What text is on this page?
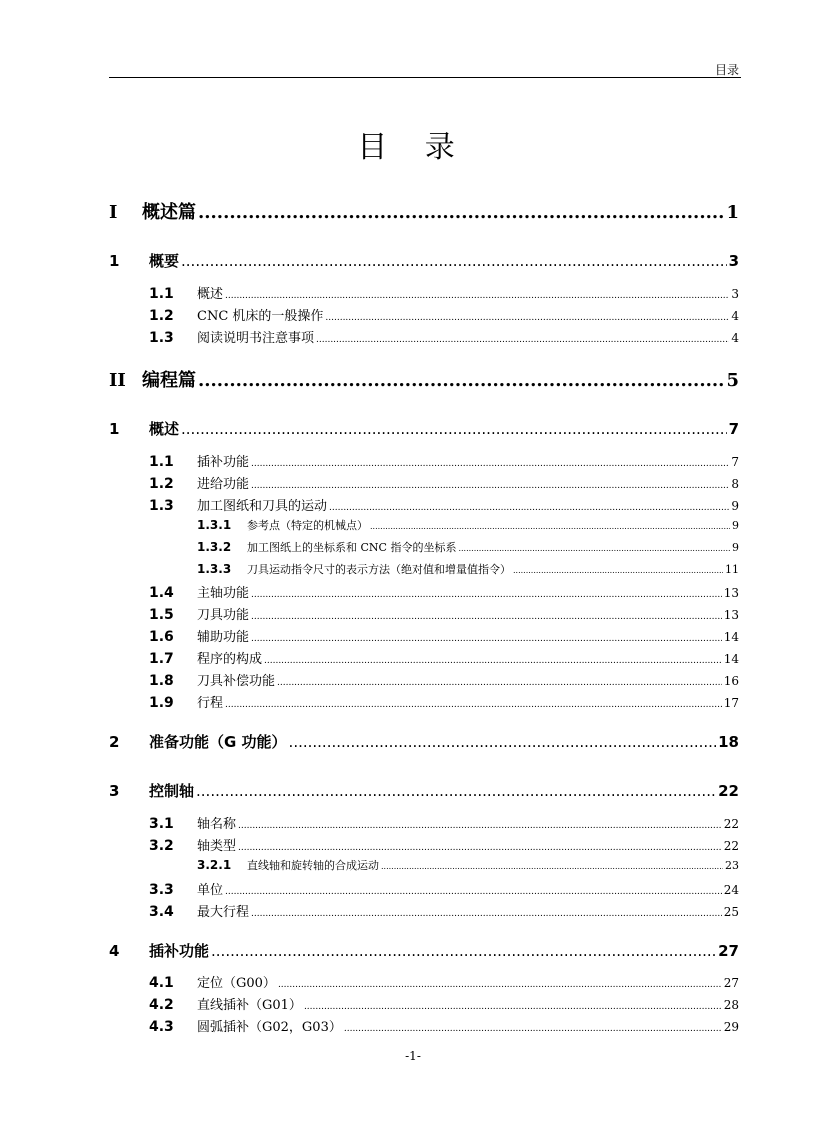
目录
目 录
I	概述篇 .....	1
1	概要 .....	3
1.1	概述 .....	3
1.2	CNC 机床的一般操作 .....	4
1.3	阅读说明书注意事项 .....	4
II 编程篇 .....	5
1	概述 .....	7
1.1	插补功能 .....	7
1.2	进给功能 .....	8
1.3	加工图纸和刀具的运动 .....	9
1.3.1	参考点（特定的机械点） .....	9
1.3.2	加工图纸上的坐标系和 CNC 指令的坐标系 .....	9
1.3.3	刀具运动指令尺寸的表示方法（绝对值和增量值指令） .....	11
1.4	主轴功能 .....	13
1.5	刀具功能 .....	13
1.6	辅助功能 .....	14
1.7	程序的构成 .....	14
1.8	刀具补偿功能 .....	16
1.9	行程 .....	17
2	准备功能（G 功能） .....	18
3	控制轴 .....	22
3.1	轴名称 .....	22
3.2	轴类型 .....	22
3.2.1	直线轴和旋转轴的合成运动 .....	23
3.3	单位 .....	24
3.4	最大行程 .....	25
4	插补功能 .....	27
4.1	定位（G00） .....	27
4.2	直线插补（G01） .....	28
4.3	圆弧插补（G02，G03） .....	29
-1-
